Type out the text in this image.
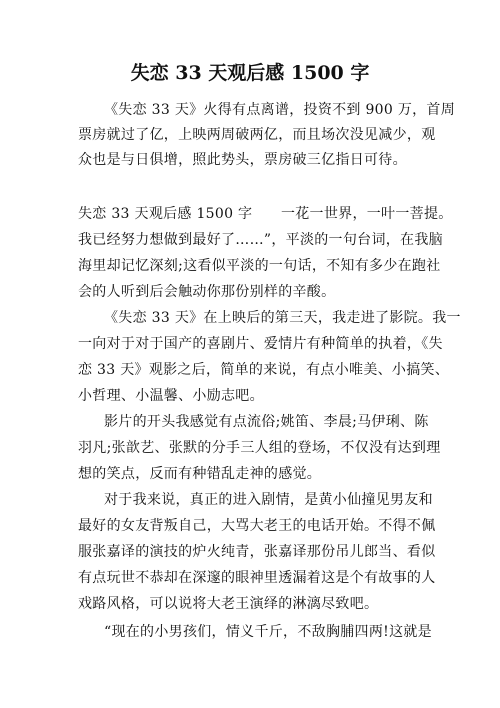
失恋 33 天观后感 1500 字
《失恋 33 天》火得有点离谱，投资不到 900 万，首周
票房就过了亿，上映两周破两亿，而且场次没见减少，观
众也是与日俱增，照此势头，票房破三亿指日可待。
失恋 33 天观后感 1500 字　　一花一世界，一叶一菩提。
我已经努力想做到最好了……”，平淡的一句台词，在我脑
海里却记忆深刻;这看似平淡的一句话，不知有多少在跑社
会的人听到后会触动你那份别样的辛酸。
《失恋 33 天》在上映后的第三天，我走进了影院。我一
一向对于对于国产的喜剧片、爱情片有种简单的执着，《失
恋 33 天》观影之后，简单的来说，有点小唯美、小搞笑、
小哲理、小温馨、小励志吧。
影片的开头我感觉有点流俗;姚笛、李晨;马伊琍、陈
羽凡;张歆艺、张默的分手三人组的登场，不仅没有达到理
想的笑点，反而有种错乱走神的感觉。
对于我来说，真正的进入剧情，是黄小仙撞见男友和
最好的女友背叛自己，大骂大老王的电话开始。不得不佩
服张嘉译的演技的炉火纯青，张嘉译那份吊儿郎当、看似
有点玩世不恭却在深邃的眼神里透漏着这是个有故事的人
戏路风格，可以说将大老王演绎的淋漓尽致吧。
“现在的小男孩们，情义千斤，不敌胸脯四两!这就是
